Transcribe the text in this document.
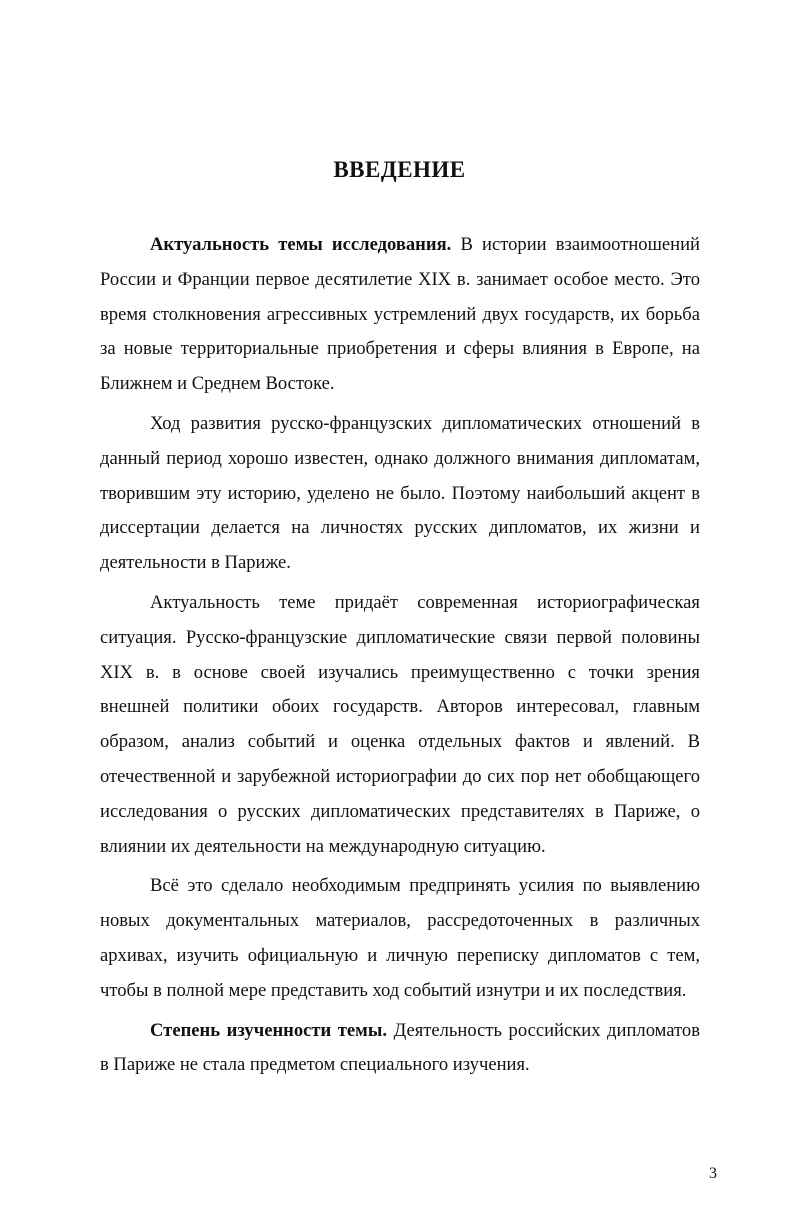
ВВЕДЕНИЕ

Актуальность темы исследования. В истории взаимоотношений России и Франции первое десятилетие XIX в. занимает особое место. Это время столкновения агрессивных устремлений двух государств, их борьба за новые территориальные приобретения и сферы влияния в Европе, на Ближнем и Среднем Востоке.

Ход развития русско-французских дипломатических отношений в данный период хорошо известен, однако должного внимания дипломатам, творившим эту историю, уделено не было. Поэтому наибольший акцент в диссертации делается на личностях русских дипломатов, их жизни и деятельности в Париже.

Актуальность теме придаёт современная историографическая ситуация. Русско-французские дипломатические связи первой половины XIX в. в основе своей изучались преимущественно с точки зрения внешней политики обоих государств. Авторов интересовал, главным образом, анализ событий и оценка отдельных фактов и явлений. В отечественной и зарубежной историографии до сих пор нет обобщающего исследования о русских дипломатических представителях в Париже, о влиянии их деятельности на международную ситуацию.

Всё это сделало необходимым предпринять усилия по выявлению новых документальных материалов, рассредоточенных в различных архивах, изучить официальную и личную переписку дипломатов с тем, чтобы в полной мере представить ход событий изнутри и их последствия.

Степень изученности темы. Деятельность российских дипломатов в Париже не стала предметом специального изучения.

3
